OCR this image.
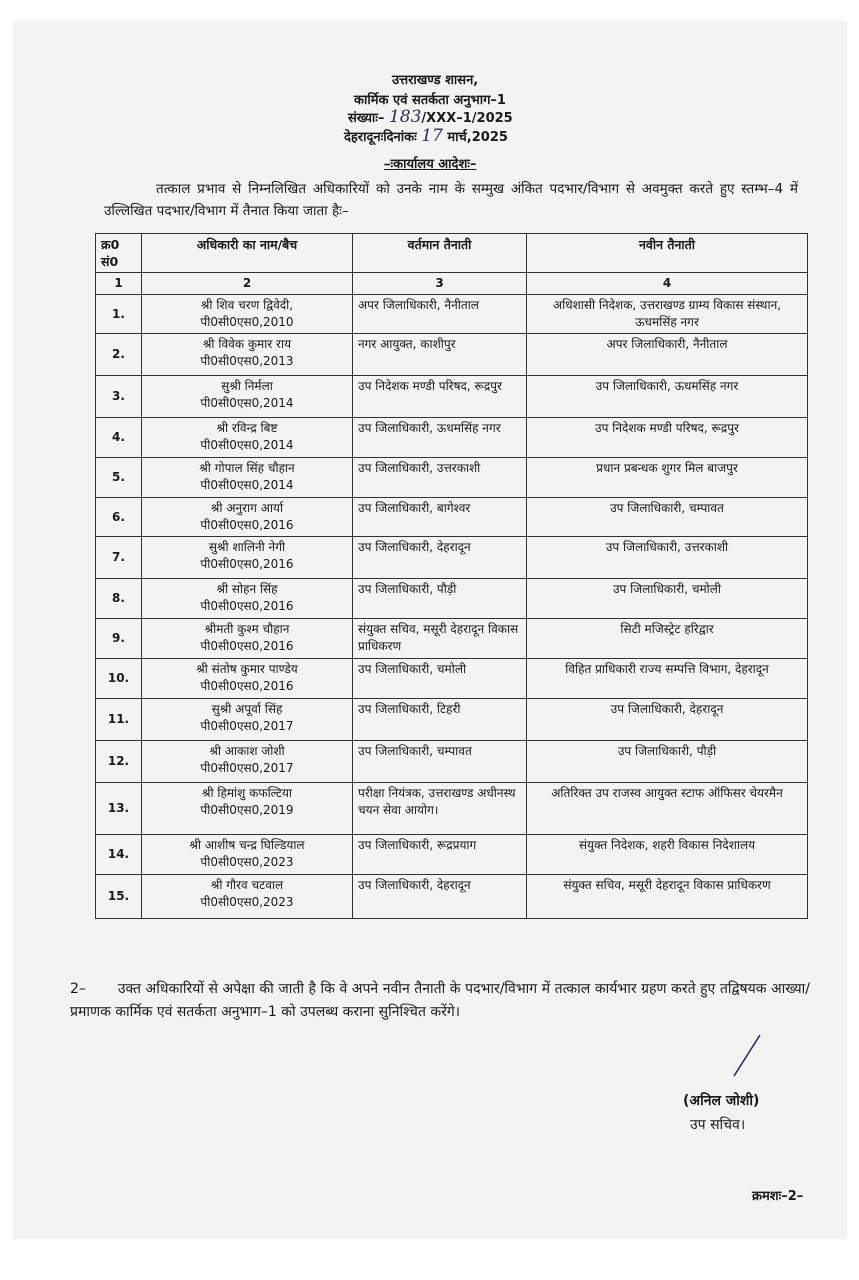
उत्तराखण्ड शासन,
कार्मिक एवं सतर्कता अनुभाग–1
संख्याः– 183/XXX–1/2025
देहरादूनःदिनांकः 17 मार्च,2025
–ःकार्यालय आदेशः–
तत्काल प्रभाव से निम्नलिखित अधिकारियों को उनके नाम के सम्मुख अंकित पदभार/विभाग से अवमुक्त करते हुए स्तम्भ–4 में उल्लिखित पदभार/विभाग में तैनात किया जाता हैः–
क्र0 सं0	अधिकारी का नाम/बैच	वर्तमान तैनाती	नवीन तैनाती
1	2	3	4
1.	श्री शिव चरण द्विवेदी,
पी0सी0एस0,2010	अपर जिलाधिकारी, नैनीताल	अधिशासी निदेशक, उत्तराखण्ड ग्राम्य विकास संस्थान, ऊधमसिंह नगर
2.	श्री विवेक कुमार राय
पी0सी0एस0,2013	नगर आयुक्त, काशीपुर	अपर जिलाधिकारी, नैनीताल
3.	सुश्री निर्मला
पी0सी0एस0,2014	उप निदेशक मण्डी परिषद, रूद्रपुर	उप जिलाधिकारी, ऊधमसिंह नगर
4.	श्री रविन्द्र बिष्ट
पी0सी0एस0,2014	उप जिलाधिकारी, ऊधमसिंह नगर	उप निदेशक मण्डी परिषद, रूद्रपुर
5.	श्री गोपाल सिंह चौहान
पी0सी0एस0,2014	उप जिलाधिकारी, उत्तरकाशी	प्रधान प्रबन्धक शुगर मिल बाजपुर
6.	श्री अनुराग आर्या
पी0सी0एस0,2016	उप जिलाधिकारी, बागेश्वर	उप जिलाधिकारी, चम्पावत
7.	सुश्री शालिनी नेगी
पी0सी0एस0,2016	उप जिलाधिकारी, देहरादून	उप जिलाधिकारी, उत्तरकाशी
8.	श्री सोहन सिंह
पी0सी0एस0,2016	उप जिलाधिकारी, पौड़ी	उप जिलाधिकारी, चमोली
9.	श्रीमती कुश्म चौहान
पी0सी0एस0,2016	संयुक्त सचिव, मसूरी देहरादून विकास प्राधिकरण	सिटी मजिस्ट्रेट हरिद्वार
10.	श्री संतोष कुमार पाण्डेय
पी0सी0एस0,2016	उप जिलाधिकारी, चमोली	विहित प्राधिकारी राज्य सम्पत्ति विभाग, देहरादून
11.	सुश्री अपूर्वा सिंह
पी0सी0एस0,2017	उप जिलाधिकारी, टिहरी	उप जिलाधिकारी, देहरादून
12.	श्री आकाश जोशी
पी0सी0एस0,2017	उप जिलाधिकारी, चम्पावत	उप जिलाधिकारी, पौड़ी
13.	श्री हिमांशु कफल्टिया
पी0सी0एस0,2019	परीक्षा नियंत्रक, उत्तराखण्ड अधीनस्थ चयन सेवा आयोग।	अतिरिक्त उप राजस्व आयुक्त स्टाफ ऑफिसर चेयरमैन
14.	श्री आशीष चन्द्र घिल्डियाल
पी0सी0एस0,2023	उप जिलाधिकारी, रूद्रप्रयाग	संयुक्त निदेशक, शहरी विकास निदेशालय
15.	श्री गौरव चटवाल
पी0सी0एस0,2023	उप जिलाधिकारी, देहरादून	संयुक्त सचिव, मसूरी देहरादून विकास प्राधिकरण
2– उक्त अधिकारियों से अपेक्षा की जाती है कि वे अपने नवीन तैनाती के पदभार/विभाग में तत्काल कार्यभार ग्रहण करते हुए तद्विषयक आख्या/प्रमाणक कार्मिक एवं सतर्कता अनुभाग–1 को उपलब्ध कराना सुनिश्चित करेंगे।
(अनिल जोशी)
उप सचिव।
क्रमशः–2–
